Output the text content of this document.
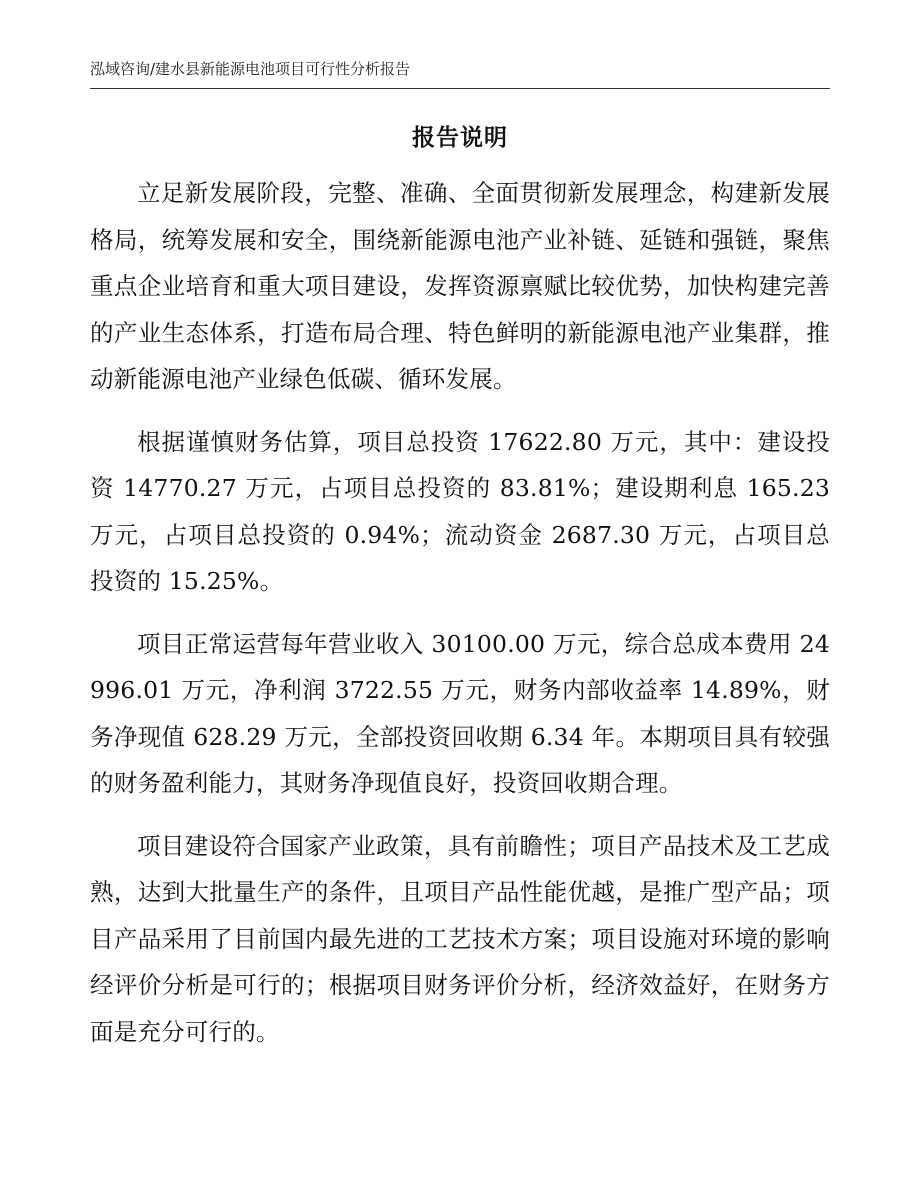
泓域咨询/建水县新能源电池项目可行性分析报告
报告说明

立足新发展阶段，完整、准确、全面贯彻新发展理念，构建新发展格局，统筹发展和安全，围绕新能源电池产业补链、延链和强链，聚焦重点企业培育和重大项目建设，发挥资源禀赋比较优势，加快构建完善的产业生态体系，打造布局合理、特色鲜明的新能源电池产业集群，推动新能源电池产业绿色低碳、循环发展。

根据谨慎财务估算，项目总投资 17622.80 万元，其中：建设投资 14770.27 万元，占项目总投资的 83.81%；建设期利息 165.23 万元，占项目总投资的 0.94%；流动资金 2687.30 万元，占项目总投资的 15.25%。

项目正常运营每年营业收入 30100.00 万元，综合总成本费用 24996.01 万元，净利润 3722.55 万元，财务内部收益率 14.89%，财务净现值 628.29 万元，全部投资回收期 6.34 年。本期项目具有较强的财务盈利能力，其财务净现值良好，投资回收期合理。

项目建设符合国家产业政策，具有前瞻性；项目产品技术及工艺成熟，达到大批量生产的条件，且项目产品性能优越，是推广型产品；项目产品采用了目前国内最先进的工艺技术方案；项目设施对环境的影响经评价分析是可行的；根据项目财务评价分析，经济效益好，在财务方面是充分可行的。
